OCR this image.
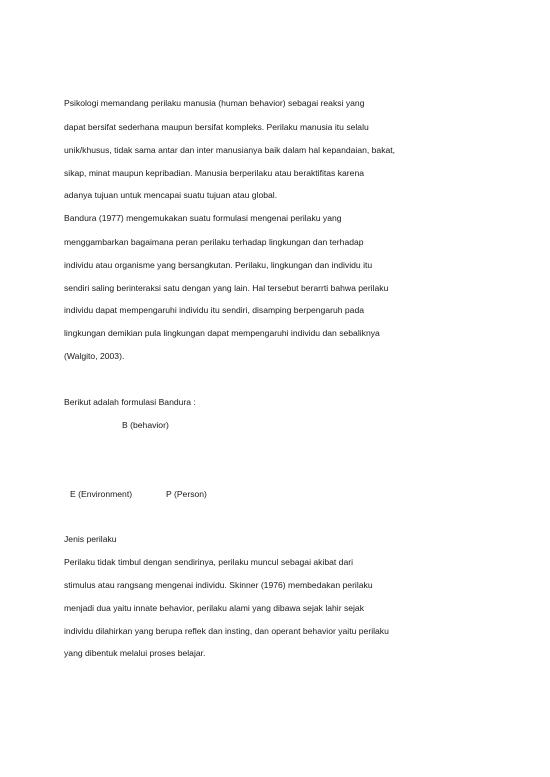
Psikologi memandang perilaku manusia (human behavior) sebagai reaksi yang
dapat bersifat sederhana maupun bersifat kompleks. Perilaku manusia itu selalu
unik/khusus, tidak sama antar dan inter manusianya baik dalam hal kepandaian, bakat,
sikap, minat maupun kepribadian. Manusia berperilaku atau beraktifitas karena
adanya tujuan untuk mencapai suatu tujuan atau global.
Bandura (1977) mengemukakan suatu formulasi mengenai perilaku yang
menggambarkan bagaimana peran perilaku terhadap lingkungan dan terhadap
individu atau organisme yang bersangkutan. Perilaku, lingkungan dan individu itu
sendiri saling berinteraksi satu dengan yang lain. Hal tersebut berarrti bahwa perilaku
individu dapat mempengaruhi individu itu sendiri, disamping berpengaruh pada
lingkungan demikian pula lingkungan dapat mempengaruhi individu dan sebaliknya
(Walgito, 2003).
Berikut adalah formulasi Bandura :
B (behavior)
E (Environment)	P (Person)
Jenis perilaku
Perilaku tidak timbul dengan sendirinya, perilaku muncul sebagai akibat dari
stimulus atau rangsang mengenai individu. Skinner (1976) membedakan perilaku
menjadi dua yaitu innate behavior, perilaku alami yang dibawa sejak lahir sejak
individu dilahirkan yang berupa reflek dan insting, dan operant behavior yaitu perilaku
yang dibentuk melalui proses belajar.
